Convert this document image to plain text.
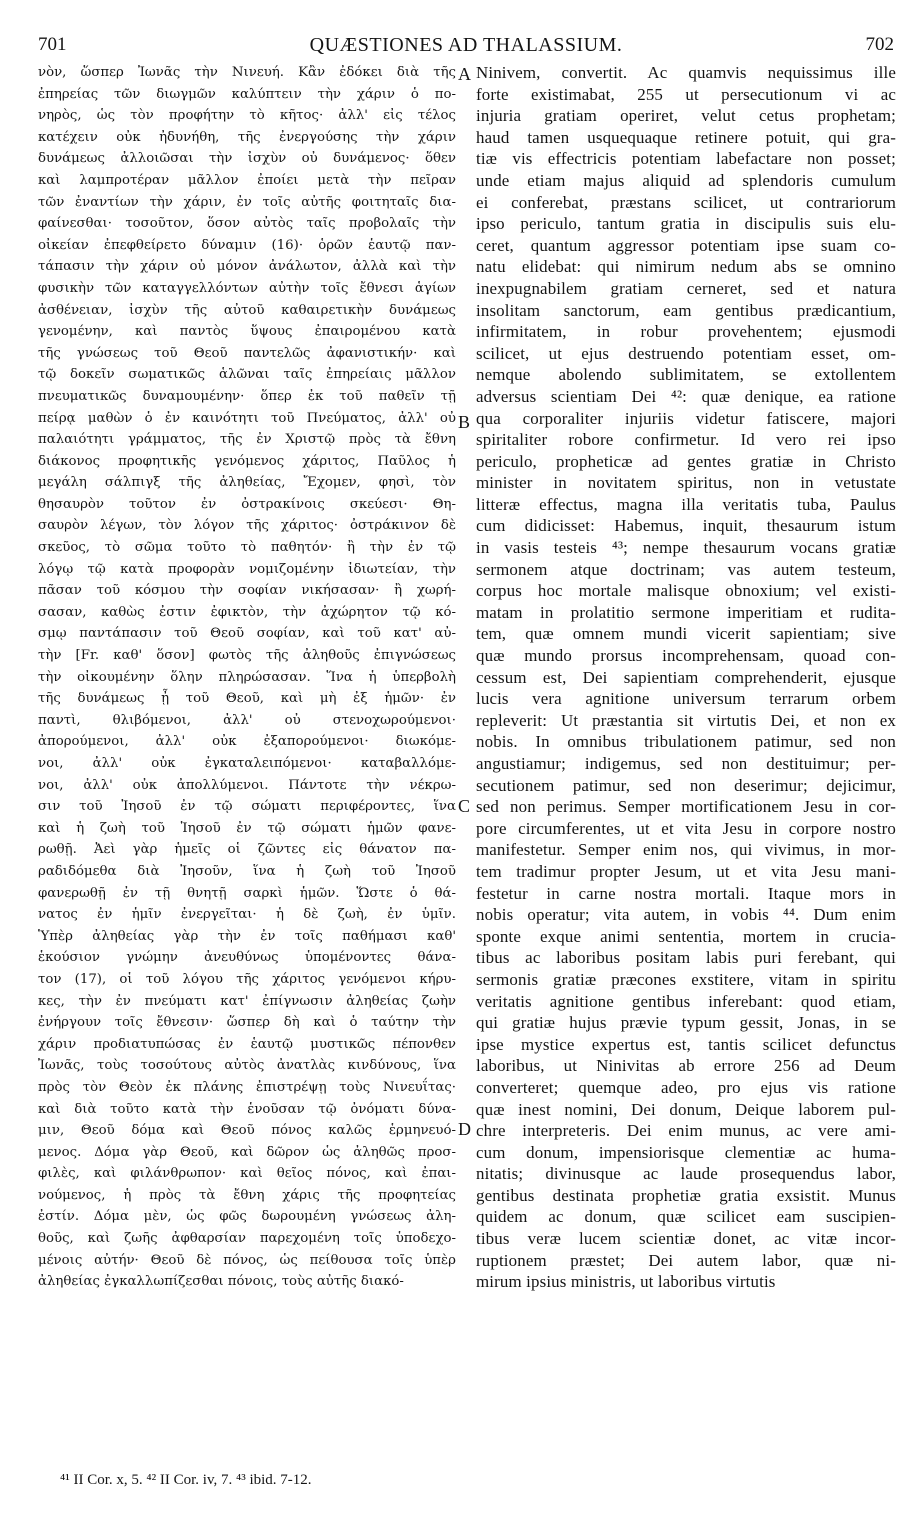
701	QUÆSTIONES AD THALASSIUM.	702
νὸν, ὥσπερ Ἰωνᾶς τὴν Νινευή. Κἂν ἐδόκει διὰ τῆς
ἐπηρείας τῶν διωγμῶν καλύπτειν τὴν χάριν ὁ πο-
νηρὸς, ὡς τὸν προφήτην τὸ κῆτος· ἀλλ' εἰς τέλος
κατέχειν οὐκ ἠδυνήθη, τῆς ἐνεργούσης τὴν χάριν
δυνάμεως ἀλλοιῶσαι τὴν ἰσχὺν οὐ δυνάμενος· ὅθεν
καὶ λαμπροτέραν μᾶλλον ἐποίει μετὰ τὴν πεῖραν
τῶν ἐναντίων τὴν χάριν, ἐν τοῖς αὐτῆς φοιτηταῖς δια-
φαίνεσθαι· τοσοῦτον, ὅσον αὐτὸς ταῖς προβολαῖς τὴν
οἰκείαν ἐπεφθείρετο δύναμιν (16)· ὁρῶν ἑαυτῷ παν-
τάπασιν τὴν χάριν οὐ μόνον ἀνάλωτον, ἀλλὰ καὶ τὴν
φυσικὴν τῶν καταγγελλόντων αὐτὴν τοῖς ἔθνεσι ἁγίων
ἀσθένειαν, ἰσχὺν τῆς αὐτοῦ καθαιρετικὴν δυνάμεως
γενομένην, καὶ παντὸς ὕψους ἐπαιρομένου κατὰ
τῆς γνώσεως τοῦ Θεοῦ παντελῶς ἀφανιστικήν· καὶ
τῷ δοκεῖν σωματικῶς ἁλῶναι ταῖς ἐπηρείαις μᾶλλον
πνευματικῶς δυναμουμένην· ὅπερ ἐκ τοῦ παθεῖν τῇ
πείρᾳ μαθὼν ὁ ἐν καινότητι τοῦ Πνεύματος, ἀλλ' οὐ
παλαιότητι γράμματος, τῆς ἐν Χριστῷ πρὸς τὰ ἔθνη
διάκονος προφητικῆς γενόμενος χάριτος, Παῦλος ἡ
μεγάλη σάλπιγξ τῆς ἀληθείας, Ἔχομεν, φησὶ, τὸν
θησαυρὸν τοῦτον ἐν ὀστρακίνοις σκεύεσι· Θη-
σαυρὸν λέγων, τὸν λόγον τῆς χάριτος· ὀστράκινον δὲ
σκεῦος, τὸ σῶμα τοῦτο τὸ παθητόν· ἢ τὴν ἐν τῷ
λόγῳ τῷ κατὰ προφορὰν νομιζομένην ἰδιωτείαν, τὴν
πᾶσαν τοῦ κόσμου τὴν σοφίαν νικήσασαν· ἢ χωρή-
σασαν, καθὼς ἐστιν ἐφικτὸν, τὴν ἀχώρητον τῷ κό-
σμῳ παντάπασιν τοῦ Θεοῦ σοφίαν, καὶ τοῦ κατ' αὐ-
τὴν [Fr. καθ' ὅσον] φωτὸς τῆς ἀληθοῦς ἐπιγνώσεως
τὴν οἰκουμένην ὅλην πληρώσασαν. Ἵνα ἡ ὑπερβολὴ
τῆς δυνάμεως ᾖ τοῦ Θεοῦ, καὶ μὴ ἐξ ἡμῶν· ἐν
παντὶ, θλιβόμενοι, ἀλλ' οὐ στενοχωρούμενοι·
ἀπορούμενοι, ἀλλ' οὐκ ἐξαπορούμενοι· διωκόμε-
νοι, ἀλλ' οὐκ ἐγκαταλειπόμενοι· καταβαλλόμε-
νοι, ἀλλ' οὐκ ἀπολλύμενοι. Πάντοτε τὴν νέκρω-
σιν τοῦ Ἰησοῦ ἐν τῷ σώματι περιφέροντες, ἵνα
καὶ ἡ ζωὴ τοῦ Ἰησοῦ ἐν τῷ σώματι ἡμῶν φανε-
ρωθῇ. Ἀεὶ γὰρ ἡμεῖς οἱ ζῶντες εἰς θάνατον πα-
ραδιδόμεθα διὰ Ἰησοῦν, ἵνα ἡ ζωὴ τοῦ Ἰησοῦ
φανερωθῇ ἐν τῇ θνητῇ σαρκὶ ἡμῶν. Ὥστε ὁ θά-
νατος ἐν ἡμῖν ἐνεργεῖται· ἡ δὲ ζωὴ, ἐν ὑμῖν.
Ὑπὲρ ἀληθείας γὰρ τὴν ἐν τοῖς παθήμασι καθ'
ἑκούσιον γνώμην ἀνευθύνως ὑπομένοντες θάνα-
τον (17), οἱ τοῦ λόγου τῆς χάριτος γενόμενοι κήρυ-
κες, τὴν ἐν πνεύματι κατ' ἐπίγνωσιν ἀληθείας ζωὴν
ἐνήργουν τοῖς ἔθνεσιν· ὥσπερ δὴ καὶ ὁ ταύτην τὴν
χάριν προδιατυπώσας ἐν ἑαυτῷ μυστικῶς πέπονθεν
Ἰωνᾶς, τοὺς τοσούτους αὐτὸς ἀνατλὰς κινδύνους, ἵνα
πρὸς τὸν Θεὸν ἐκ πλάνης ἐπιστρέψῃ τοὺς Νινευΐτας·
καὶ διὰ τοῦτο κατὰ τὴν ἑνοῦσαν τῷ ὀνόματι δύνα-
μιν, Θεοῦ δόμα καὶ Θεοῦ πόνος καλῶς ἑρμηνευό-
μενος. Δόμα γὰρ Θεοῦ, καὶ δῶρον ὡς ἀληθῶς προσ-
φιλὲς, καὶ φιλάνθρωπον· καὶ θεῖος πόνος, καὶ ἐπαι-
νούμενος, ἡ πρὸς τὰ ἔθνη χάρις τῆς προφητείας
ἐστίν. Δόμα μὲν, ὡς φῶς δωρουμένη γνώσεως ἀλη-
θοῦς, καὶ ζωῆς ἀφθαρσίαν παρεχομένη τοῖς ὑποδεχο-
μένοις αὐτήν· Θεοῦ δὲ πόνος, ὡς πείθουσα τοῖς ὑπὲρ
ἀληθείας ἐγκαλλωπίζεσθαι πόνοις, τοὺς αὐτῆς διακό-
Ninivem, convertit. Ac quamvis nequissimus ille
forte existimabat, 255 ut persecutionum vi ac
injuria gratiam operiret, velut cetus prophetam;
haud tamen usquequaque retinere potuit, qui gra-
tiæ vis effectricis potentiam labefactare non posset;
unde etiam majus aliquid ad splendoris cumulum
ei conferebat, præstans scilicet, ut contrariorum
ipso periculo, tantum gratia in discipulis suis elu-
ceret, quantum aggressor potentiam ipse suam co-
natu elidebat: qui nimirum nedum abs se omnino
inexpugnabilem gratiam cerneret, sed et natura
insolitam sanctorum, eam gentibus prædicantium,
infirmitatem, in robur provehentem; ejusmodi
scilicet, ut ejus destruendo potentiam esset, om-
nemque abolendo sublimitatem, se extollentem
adversus scientiam Dei ⁴²: quæ denique, ea ratione
qua corporaliter injuriis videtur fatiscere, majori
spiritaliter robore confirmetur. Id vero rei ipso
periculo, propheticæ ad gentes gratiæ in Christo
minister in novitatem spiritus, non in vetustate
litteræ effectus, magna illa veritatis tuba, Paulus
cum didicisset: Habemus, inquit, thesaurum istum
in vasis testeis ⁴³; nempe thesaurum vocans gratiæ
sermonem atque doctrinam; vas autem testeum,
corpus hoc mortale malisque obnoxium; vel existi-
matam in prolatitio sermone imperitiam et ruditа-
tem, quæ omnem mundi vicerit sapientiam; sive
quæ mundo prorsus incomprehensam, quoad con-
cessum est, Dei sapientiam comprehenderit, ejusque
lucis vera agnitione universum terrarum orbem
repleverit: Ut præstantia sit virtutis Dei, et non ex
nobis. In omnibus tribulationem patimur, sed non
angustiamur; indigemus, sed non destituimur; per-
secutionem patimur, sed non deserimur; dejicimur,
sed non perimus. Semper mortificationem Jesu in cor-
pore circumferentes, ut et vita Jesu in corpore nostro
manifestetur. Semper enim nos, qui vivimus, in mor-
tem tradimur propter Jesum, ut et vita Jesu mani-
festetur in carne nostra mortali. Itaque mors in
nobis operatur; vita autem, in vobis ⁴⁴. Dum enim
sponte exque animi sententia, mortem in crucia-
tibus ac laboribus positam labis puri ferebant, qui
sermonis gratiæ præcones exstitere, vitam in spiritu
veritatis agnitione gentibus inferebant: quod etiam,
qui gratiæ hujus prævie typum gessit, Jonas, in se
ipse mystice expertus est, tantis scilicet defunctus
laboribus, ut Ninivitas ab errore 256 ad Deum
converteret; quemque adeo, pro ejus vis ratione
quæ inest nomini, Dei donum, Deique laborem pul-
chre interpreteris. Dei enim munus, ac vere ami-
cum donum, impensiorisque clementiæ ac huma-
nitatis; divinusque ac laude prosequendus labor,
gentibus destinata prophetiæ gratia exsistit. Munus
quidem ac donum, quæ scilicet eam suscipien-
tibus veræ lucem scientiæ donet, ac vitæ incor-
ruptionem præstet; Dei autem labor, quæ ni-
mirum ipsius ministris, ut laboribus virtutis
A
B
C
D
⁴¹ II Cor. x, 5. ⁴² II Cor. iv, 7. ⁴³ ibid. 7-12.
